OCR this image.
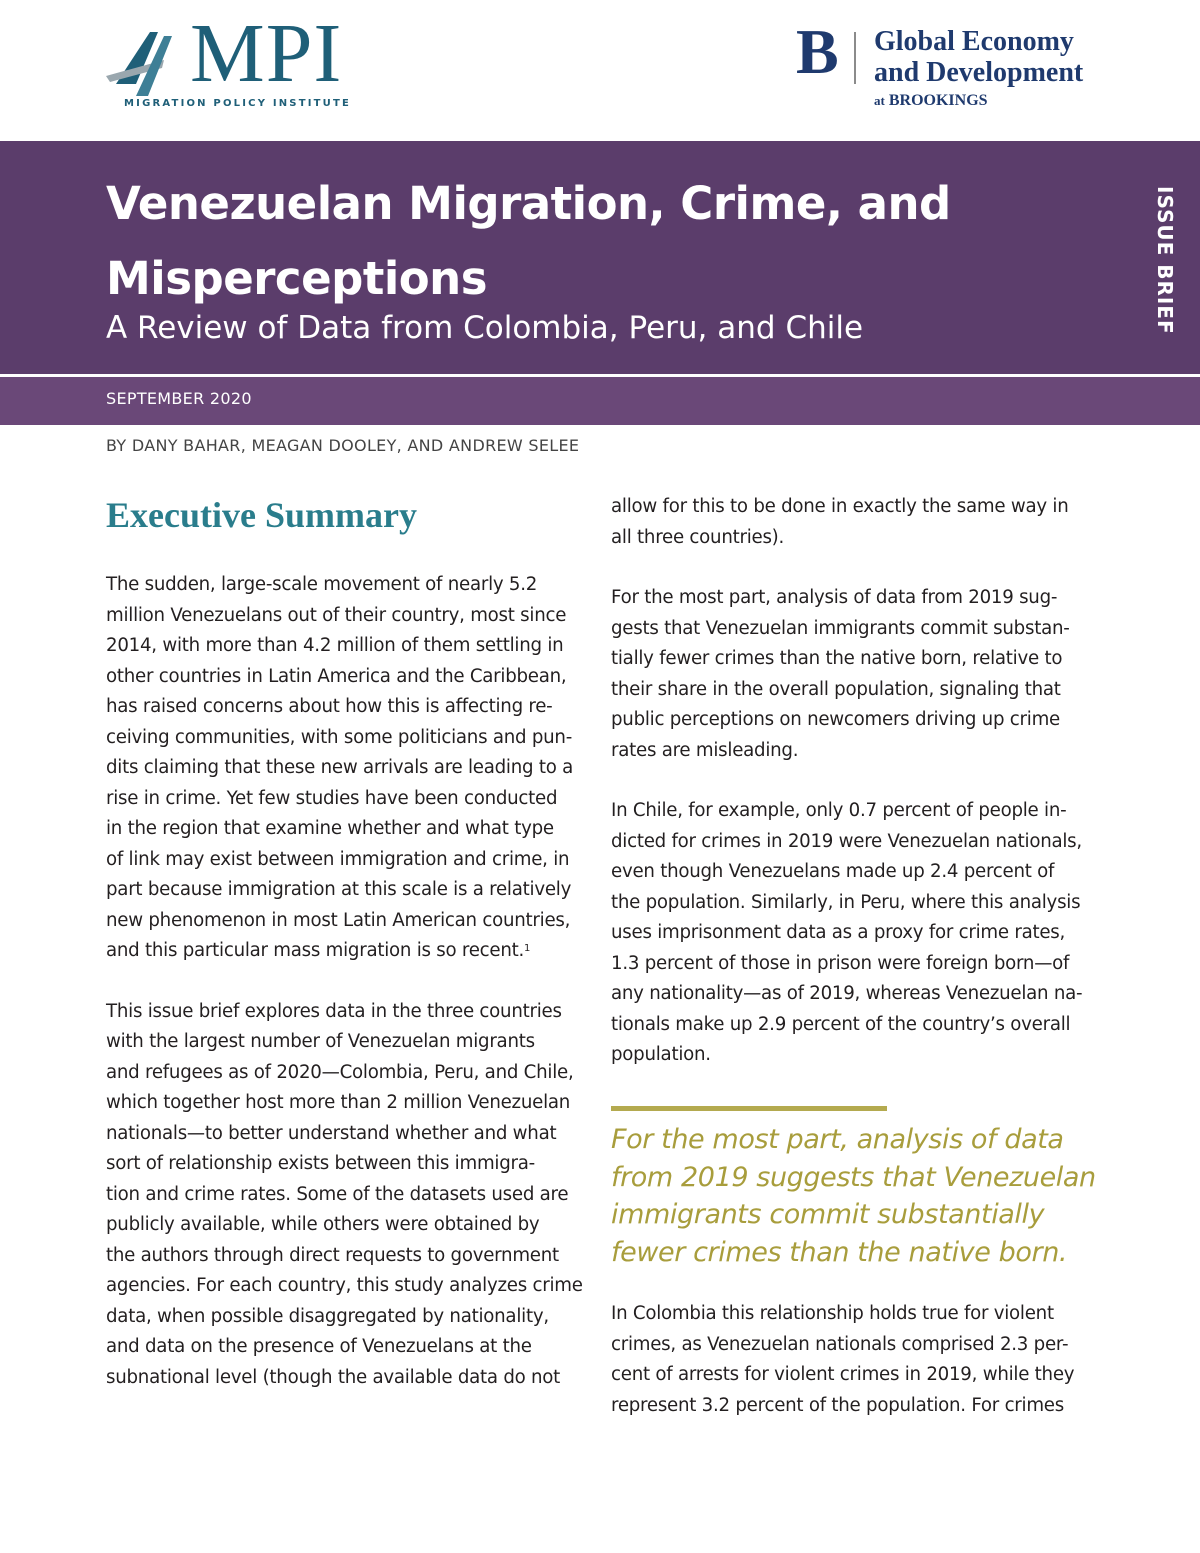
MPI
MIGRATION POLICY INSTITUTE
B Global Economy
and Development
at BROOKINGS
Venezuelan Migration, Crime, and
Misperceptions
A Review of Data from Colombia, Peru, and Chile	ISSUE BRIEF
SEPTEMBER 2020
BY DANY BAHAR, MEAGAN DOOLEY, AND ANDREW SELEE
Executive Summary

The sudden, large-scale movement of nearly 5.2
million Venezuelans out of their country, most since
2014, with more than 4.2 million of them settling in
other countries in Latin America and the Caribbean,
has raised concerns about how this is affecting re-
ceiving communities, with some politicians and pun-
dits claiming that these new arrivals are leading to a
rise in crime. Yet few studies have been conducted
in the region that examine whether and what type
of link may exist between immigration and crime, in
part because immigration at this scale is a relatively
new phenomenon in most Latin American countries,
and this particular mass migration is so recent.$^1$

This issue brief explores data in the three countries
with the largest number of Venezuelan migrants
and refugees as of 2020—Colombia, Peru, and Chile,
which together host more than 2 million Venezuelan
nationals—to better understand whether and what
sort of relationship exists between this immigra-
tion and crime rates. Some of the datasets used are
publicly available, while others were obtained by
the authors through direct requests to government
agencies. For each country, this study analyzes crime
data, when possible disaggregated by nationality,
and data on the presence of Venezuelans at the
subnational level (though the available data do not

allow for this to be done in exactly the same way in
all three countries).

For the most part, analysis of data from 2019 sug-
gests that Venezuelan immigrants commit substan-
tially fewer crimes than the native born, relative to
their share in the overall population, signaling that
public perceptions on newcomers driving up crime
rates are misleading.

In Chile, for example, only 0.7 percent of people in-
dicted for crimes in 2019 were Venezuelan nationals,
even though Venezuelans made up 2.4 percent of
the population. Similarly, in Peru, where this analysis
uses imprisonment data as a proxy for crime rates,
1.3 percent of those in prison were foreign born—of
any nationality—as of 2019, whereas Venezuelan na-
tionals make up 2.9 percent of the country’s overall
population.

For the most part, analysis of data
from 2019 suggests that Venezuelan
immigrants commit substantially
fewer crimes than the native born.

In Colombia this relationship holds true for violent
crimes, as Venezuelan nationals comprised 2.3 per-
cent of arrests for violent crimes in 2019, while they
represent 3.2 percent of the population. For crimes
